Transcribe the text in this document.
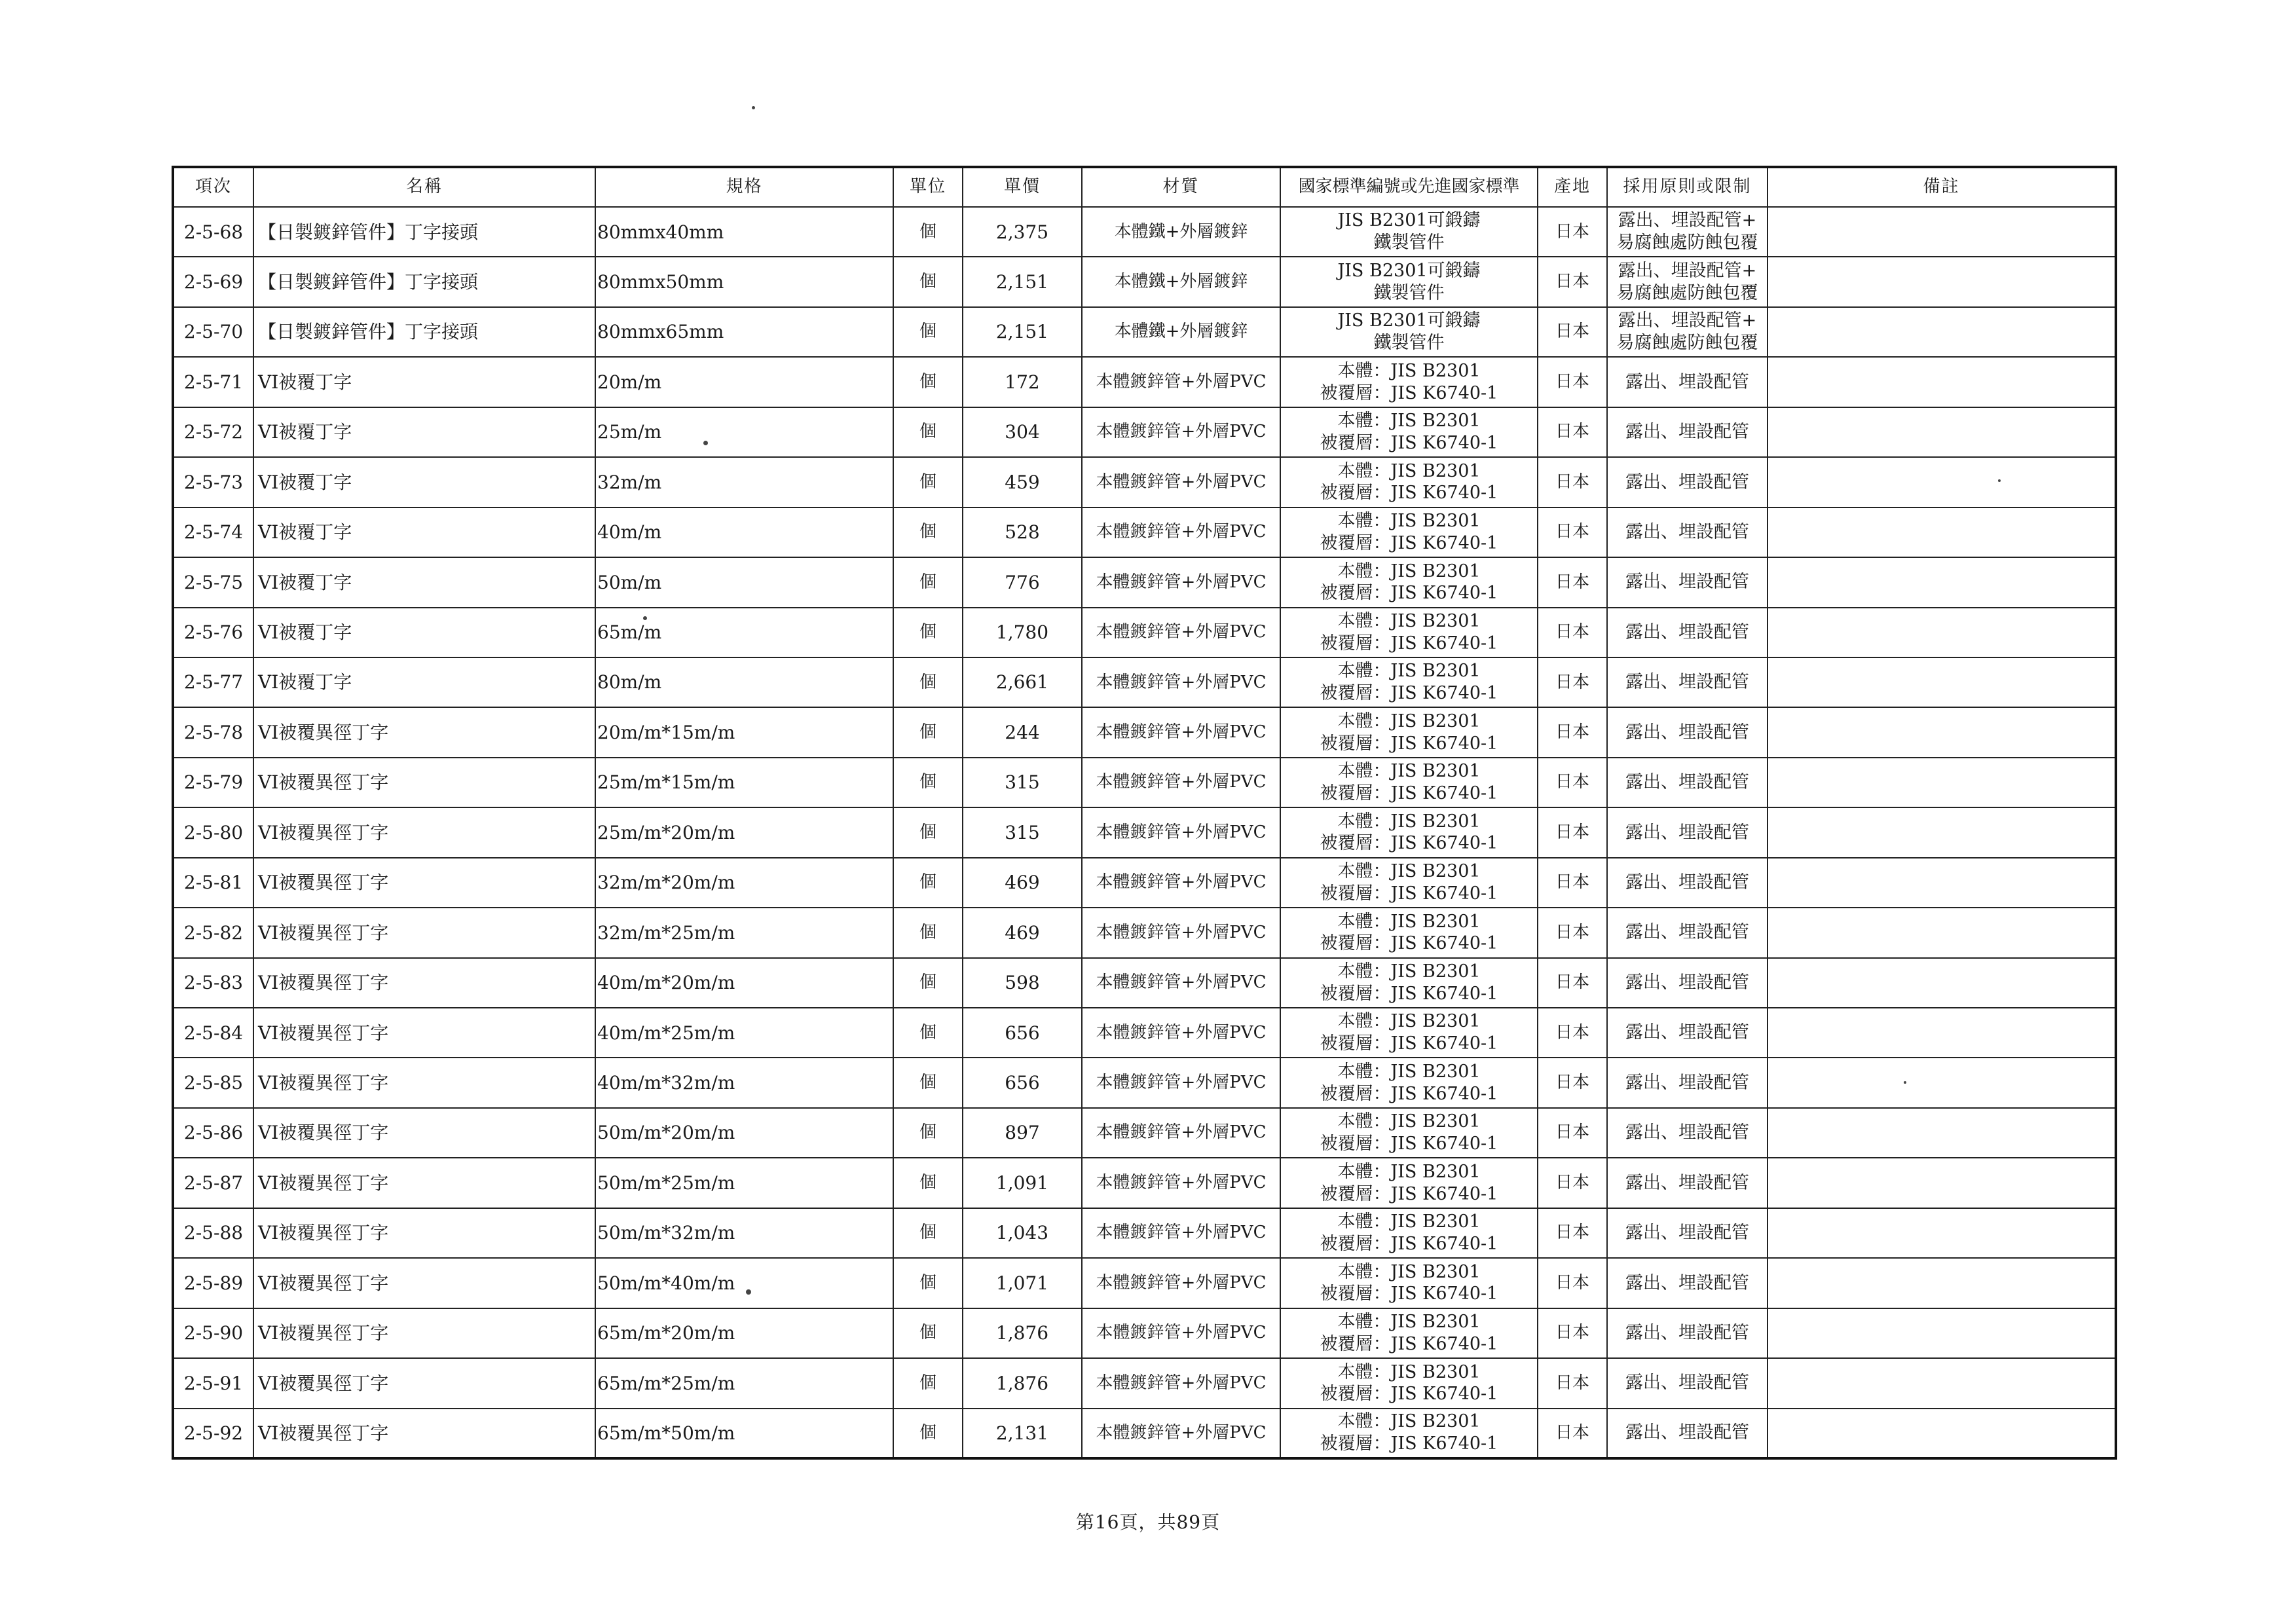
項次	名稱	規格	單位	單價	材質	國家標準編號或先進國家標準	產地	採用原則或限制	備註
2-5-68	【日製鍍鋅管件】丁字接頭	80mmx40mm	個	2,375	本體鐵+外層鍍鋅	JIS B2301可鍛鑄
鐵製管件	日本	露出、埋設配管+
易腐蝕處防蝕包覆	

2-5-69	【日製鍍鋅管件】丁字接頭	80mmx50mm	個	2,151	本體鐵+外層鍍鋅	JIS B2301可鍛鑄
鐵製管件	日本	露出、埋設配管+
易腐蝕處防蝕包覆	

2-5-70	【日製鍍鋅管件】丁字接頭	80mmx65mm	個	2,151	本體鐵+外層鍍鋅	JIS B2301可鍛鑄
鐵製管件	日本	露出、埋設配管+
易腐蝕處防蝕包覆	

2-5-71	VI被覆丁字	20m/m	個	172	本體鍍鋅管+外層PVC	本體：JIS B2301
被覆層：JIS K6740-1	日本	露出、埋設配管	

2-5-72	VI被覆丁字	25m/m	個	304	本體鍍鋅管+外層PVC	本體：JIS B2301
被覆層：JIS K6740-1	日本	露出、埋設配管	

2-5-73	VI被覆丁字	32m/m	個	459	本體鍍鋅管+外層PVC	本體：JIS B2301
被覆層：JIS K6740-1	日本	露出、埋設配管	

2-5-74	VI被覆丁字	40m/m	個	528	本體鍍鋅管+外層PVC	本體：JIS B2301
被覆層：JIS K6740-1	日本	露出、埋設配管	

2-5-75	VI被覆丁字	50m/m	個	776	本體鍍鋅管+外層PVC	本體：JIS B2301
被覆層：JIS K6740-1	日本	露出、埋設配管	

2-5-76	VI被覆丁字	65m/m	個	1,780	本體鍍鋅管+外層PVC	本體：JIS B2301
被覆層：JIS K6740-1	日本	露出、埋設配管	

2-5-77	VI被覆丁字	80m/m	個	2,661	本體鍍鋅管+外層PVC	本體：JIS B2301
被覆層：JIS K6740-1	日本	露出、埋設配管	

2-5-78	VI被覆異徑丁字	20m/m*15m/m	個	244	本體鍍鋅管+外層PVC	本體：JIS B2301
被覆層：JIS K6740-1	日本	露出、埋設配管	

2-5-79	VI被覆異徑丁字	25m/m*15m/m	個	315	本體鍍鋅管+外層PVC	本體：JIS B2301
被覆層：JIS K6740-1	日本	露出、埋設配管	

2-5-80	VI被覆異徑丁字	25m/m*20m/m	個	315	本體鍍鋅管+外層PVC	本體：JIS B2301
被覆層：JIS K6740-1	日本	露出、埋設配管	

2-5-81	VI被覆異徑丁字	32m/m*20m/m	個	469	本體鍍鋅管+外層PVC	本體：JIS B2301
被覆層：JIS K6740-1	日本	露出、埋設配管	

2-5-82	VI被覆異徑丁字	32m/m*25m/m	個	469	本體鍍鋅管+外層PVC	本體：JIS B2301
被覆層：JIS K6740-1	日本	露出、埋設配管	

2-5-83	VI被覆異徑丁字	40m/m*20m/m	個	598	本體鍍鋅管+外層PVC	本體：JIS B2301
被覆層：JIS K6740-1	日本	露出、埋設配管	

2-5-84	VI被覆異徑丁字	40m/m*25m/m	個	656	本體鍍鋅管+外層PVC	本體：JIS B2301
被覆層：JIS K6740-1	日本	露出、埋設配管	

2-5-85	VI被覆異徑丁字	40m/m*32m/m	個	656	本體鍍鋅管+外層PVC	本體：JIS B2301
被覆層：JIS K6740-1	日本	露出、埋設配管	

2-5-86	VI被覆異徑丁字	50m/m*20m/m	個	897	本體鍍鋅管+外層PVC	本體：JIS B2301
被覆層：JIS K6740-1	日本	露出、埋設配管	

2-5-87	VI被覆異徑丁字	50m/m*25m/m	個	1,091	本體鍍鋅管+外層PVC	本體：JIS B2301
被覆層：JIS K6740-1	日本	露出、埋設配管	

2-5-88	VI被覆異徑丁字	50m/m*32m/m	個	1,043	本體鍍鋅管+外層PVC	本體：JIS B2301
被覆層：JIS K6740-1	日本	露出、埋設配管	

2-5-89	VI被覆異徑丁字	50m/m*40m/m	個	1,071	本體鍍鋅管+外層PVC	本體：JIS B2301
被覆層：JIS K6740-1	日本	露出、埋設配管	

2-5-90	VI被覆異徑丁字	65m/m*20m/m	個	1,876	本體鍍鋅管+外層PVC	本體：JIS B2301
被覆層：JIS K6740-1	日本	露出、埋設配管	

2-5-91	VI被覆異徑丁字	65m/m*25m/m	個	1,876	本體鍍鋅管+外層PVC	本體：JIS B2301
被覆層：JIS K6740-1	日本	露出、埋設配管	

2-5-92	VI被覆異徑丁字	65m/m*50m/m	個	2,131	本體鍍鋅管+外層PVC	本體：JIS B2301
被覆層：JIS K6740-1	日本	露出、埋設配管	

第16頁，共89頁
